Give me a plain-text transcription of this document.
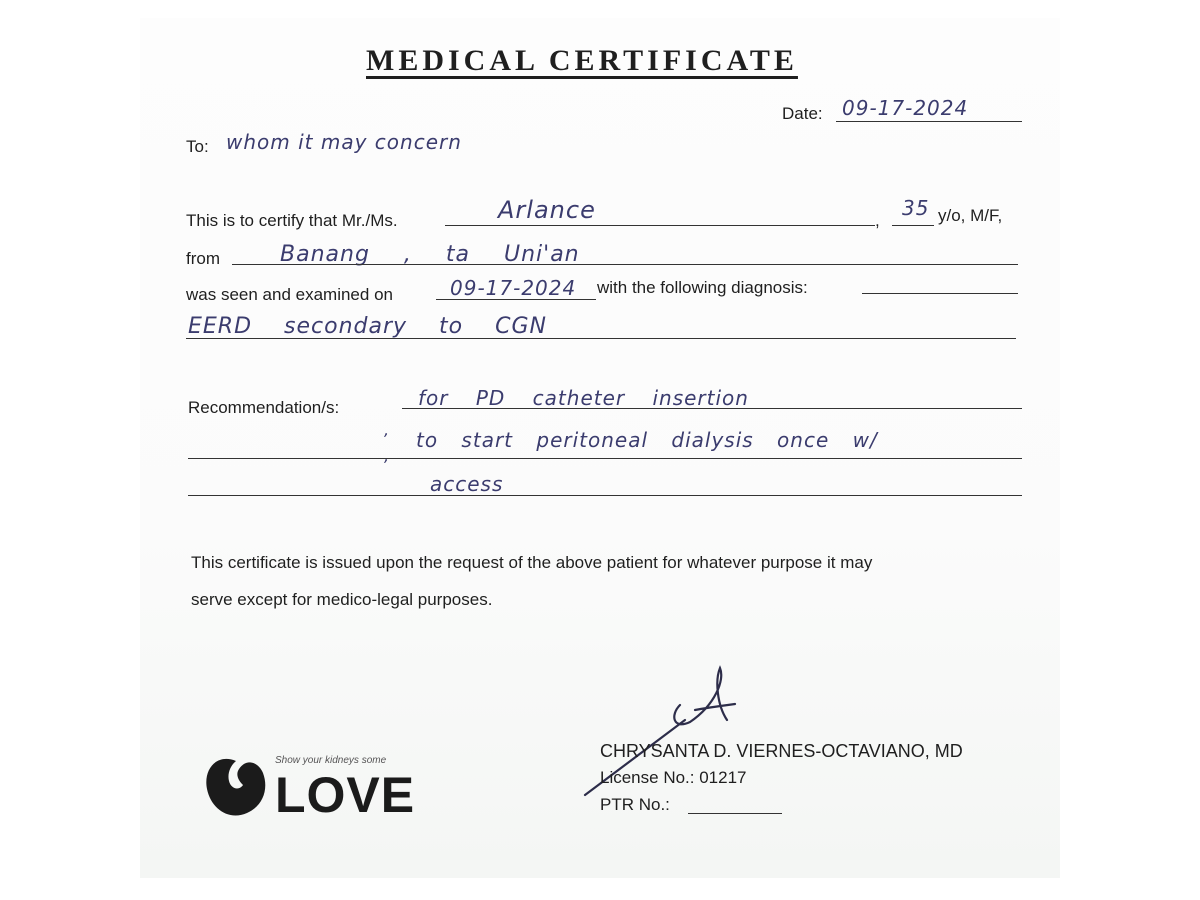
MEDICAL CERTIFICATE
Date: 09-17-2024
To: whom it may concern
This is to certify that Mr./Ms.	Arlance	,
35 y/o, M/F,
from	Banang , ta Uni'an
was seen and examined on	09-17-2024 with the following diagnosis:
EERD secondary to CGN
Recommendation/s:	for PD catheter insertion
, to start peritoneal dialysis once w/
,
access
This certificate is issued upon the request of the above patient for whatever purpose it may
serve except for medico-legal purposes.
CHRYSANTA D. VIERNES-OCTAVIANO, MD
License No.: 01217
PTR No.:
Show your kidneys some
LOVE
